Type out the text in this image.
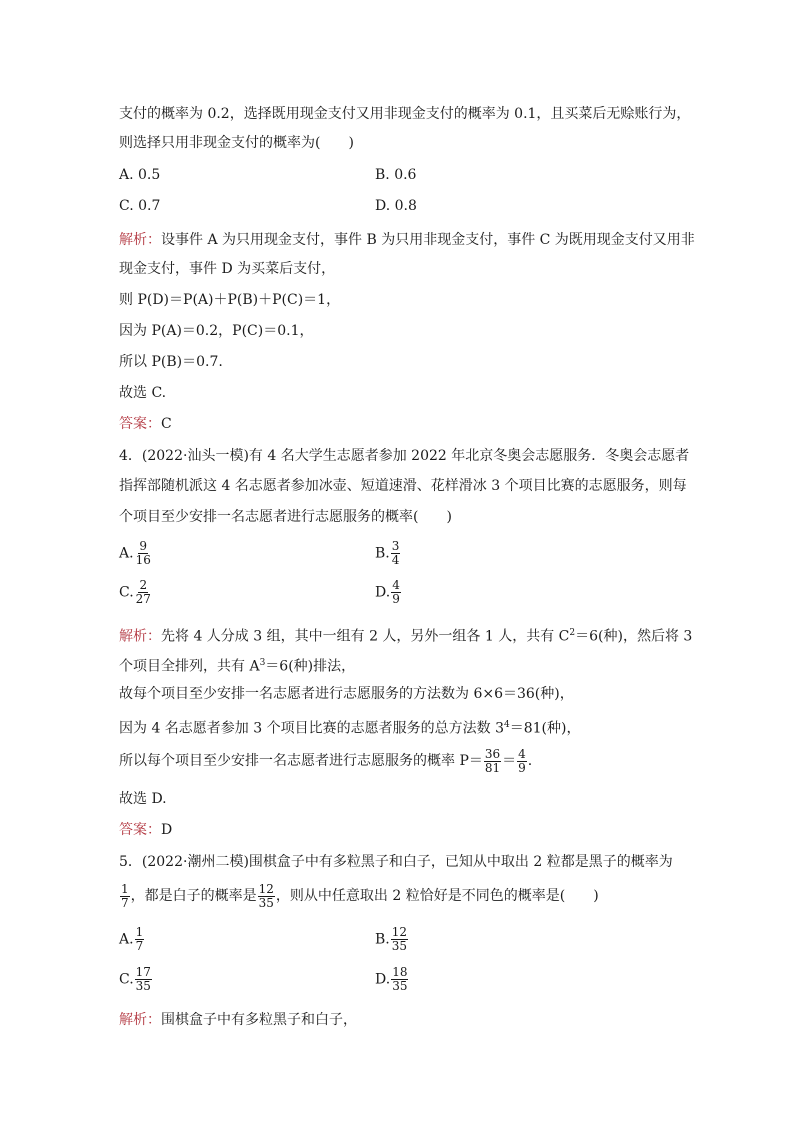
支付的概率为 0.2，选择既用现金支付又用非现金支付的概率为 0.1，且买菜后无赊账行为，
则选择只用非现金支付的概率为(　　)
A. 0.5	B. 0.6
C. 0.7	D. 0.8
解析：设事件 A 为只用现金支付，事件 B 为只用非现金支付，事件 C 为既用现金支付又用非
现金支付，事件 D 为买菜后支付，
则 P(D)＝P(A)＋P(B)＋P(C)＝1，
因为 P(A)＝0.2，P(C)＝0.1，
所以 P(B)＝0.7.
故选 C.
答案：C
4．(2022·汕头一模)有 4 名大学生志愿者参加 2022 年北京冬奥会志愿服务．冬奥会志愿者
指挥部随机派这 4 名志愿者参加冰壶、短道速滑、花样滑冰 3 个项目比赛的志愿服务，则每
个项目至少安排一名志愿者进行志愿服务的概率(　　)
A. $\frac{9}{16}$	B. $\frac{3}{4}$
C. $\frac{2}{27}$	D. $\frac{4}{9}$
解析：先将 4 人分成 3 组，其中一组有 2 人，另外一组各 1 人，共有 $C^2=6$(种)，然后将 3
个项目全排列，共有 $A^3=6$(种)排法，
故每个项目至少安排一名志愿者进行志愿服务的方法数为 6×6＝36(种)，
因为 4 名志愿者参加 3 个项目比赛的志愿者服务的总方法数 $3^4=81$(种)，
所以每个项目至少安排一名志愿者进行志愿服务的概率 $P= \frac{36}{81} = \frac{4}{9}$ .
故选 D.
答案：D
5．(2022·潮州二模)围棋盒子中有多粒黑子和白子，已知从中取出 2 粒都是黑子的概率为
$\frac{1}{7}$ ，都是白子的概率是 $\frac{12}{35}$ ，则从中任意取出 2 粒恰好是不同色的概率是(　　)
A. $\frac{1}{7}$	B. $\frac{12}{35}$
C. $\frac{17}{35}$	D. $\frac{18}{35}$
解析：围棋盒子中有多粒黑子和白子，
